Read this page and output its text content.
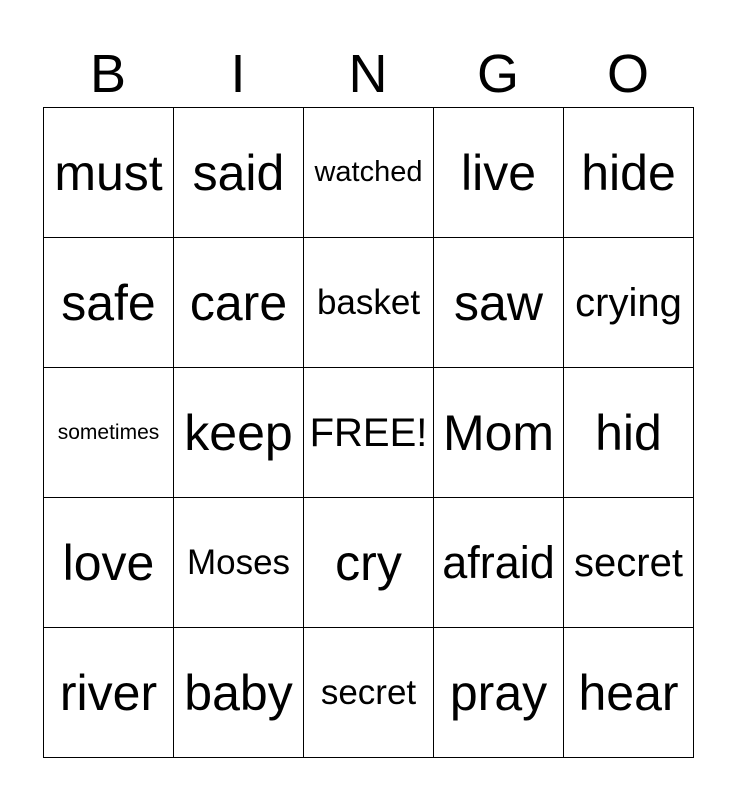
B	I	N	G	O
must said	watched live hide
safe care basket saw crying
sometimes keep FREE! Mom hid
love Moses cry afraid secret
river baby secret pray hear
